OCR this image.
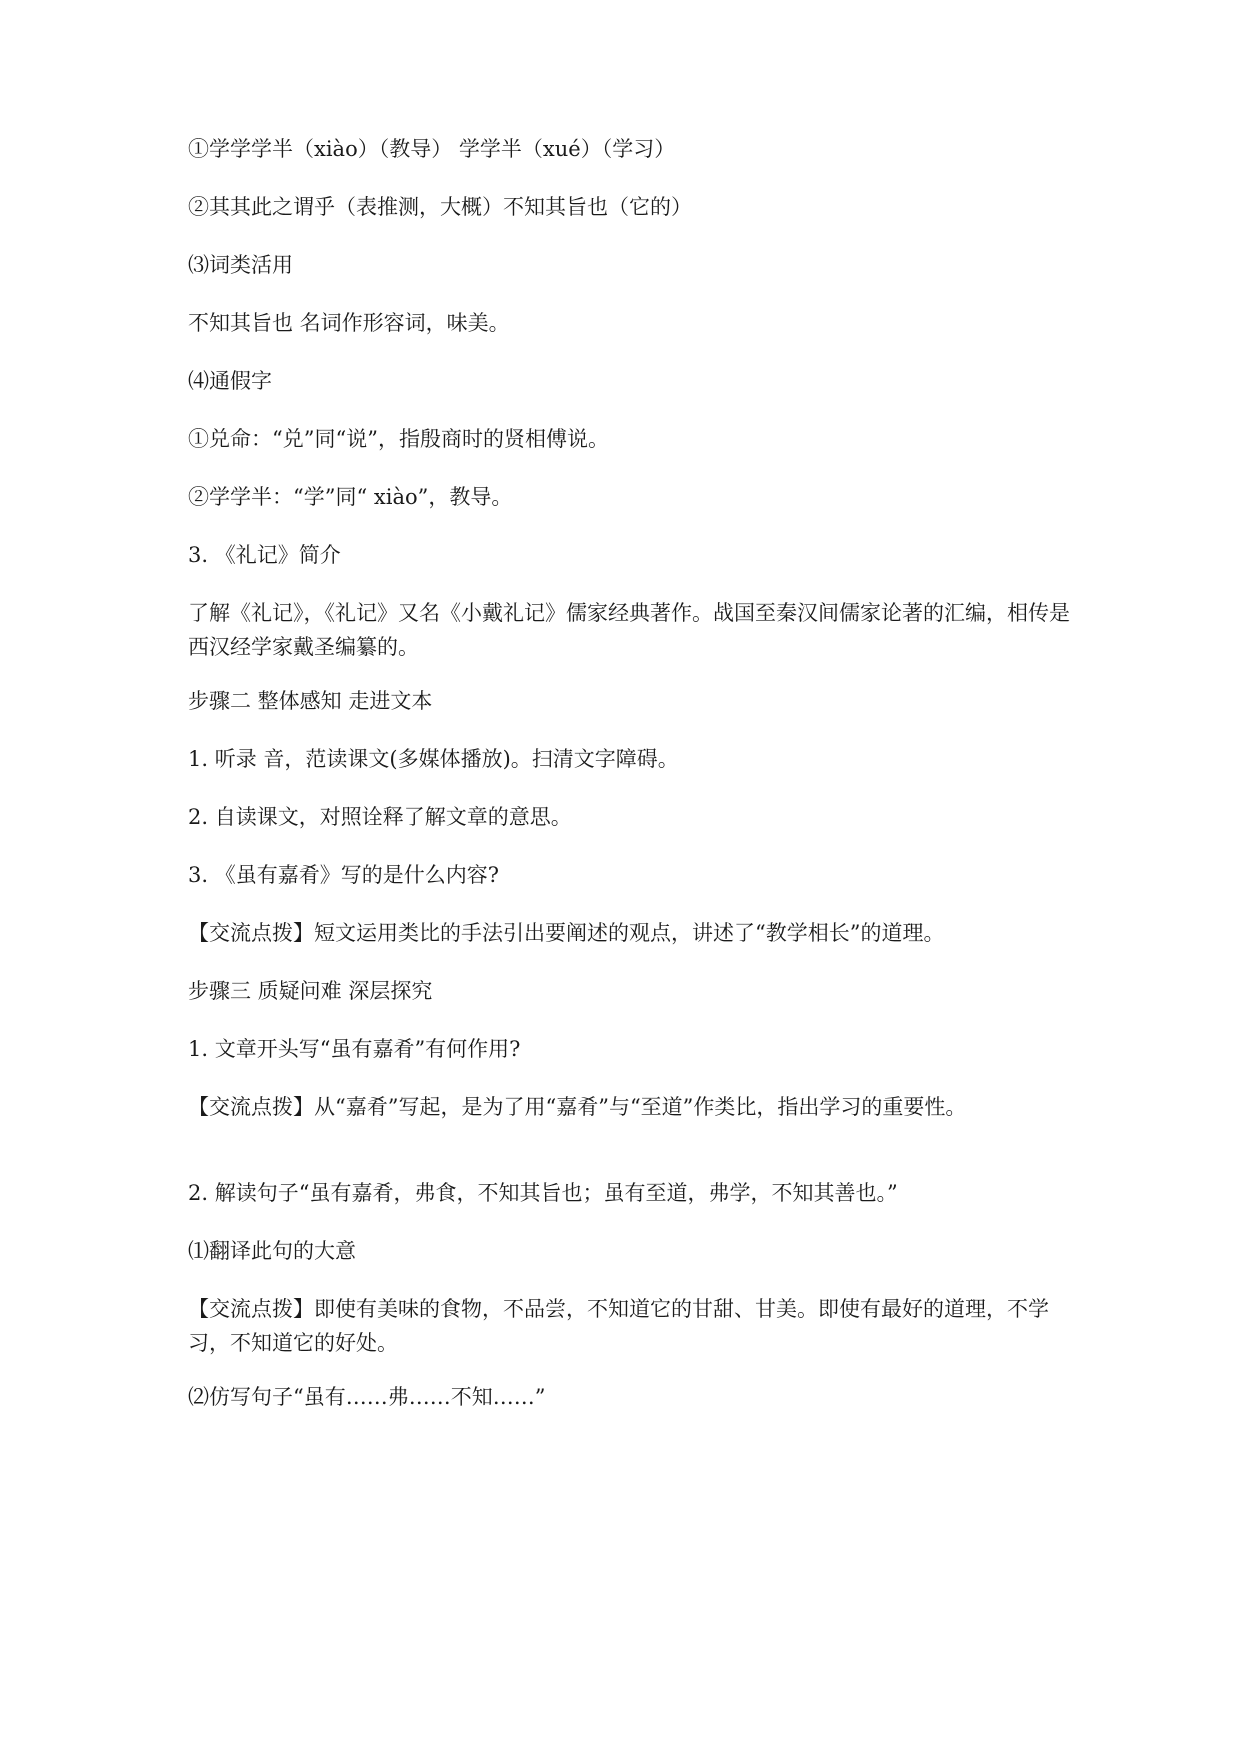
①学学学半（xiào）（教导） 学学半（xué）（学习）
②其其此之谓乎（表推测，大概）不知其旨也（它的）
⑶词类活用
不知其旨也 名词作形容词，味美。
⑷通假字
①兑命：“兑”同“说”，指殷商时的贤相傅说。
②学学半：“学”同“ xiào”，教导。
3. 《礼记》简介
了解《礼记》，《礼记》又名《小戴礼记》儒家经典著作。战国至秦汉间儒家论著的汇编，相传是西汉经学家戴圣编纂的。
步骤二 整体感知 走进文本
1. 听录 音，范读课文(多媒体播放)。扫清文字障碍。
2. 自读课文，对照诠释了解文章的意思。
3. 《虽有嘉肴》写的是什么内容?
【交流点拨】短文运用类比的手法引出要阐述的观点，讲述了“教学相长”的道理。
步骤三 质疑问难 深层探究
1. 文章开头写“虽有嘉肴”有何作用?
【交流点拨】从“嘉肴”写起，是为了用“嘉肴”与“至道”作类比，指出学习的重要性。
2. 解读句子“虽有嘉肴，弗食，不知其旨也；虽有至道，弗学，不知其善也。”
⑴翻译此句的大意
【交流点拨】即使有美味的食物，不品尝，不知道它的甘甜、甘美。即使有最好的道理，不学习，不知道它的好处。
⑵仿写句子“虽有……弗……不知……”
